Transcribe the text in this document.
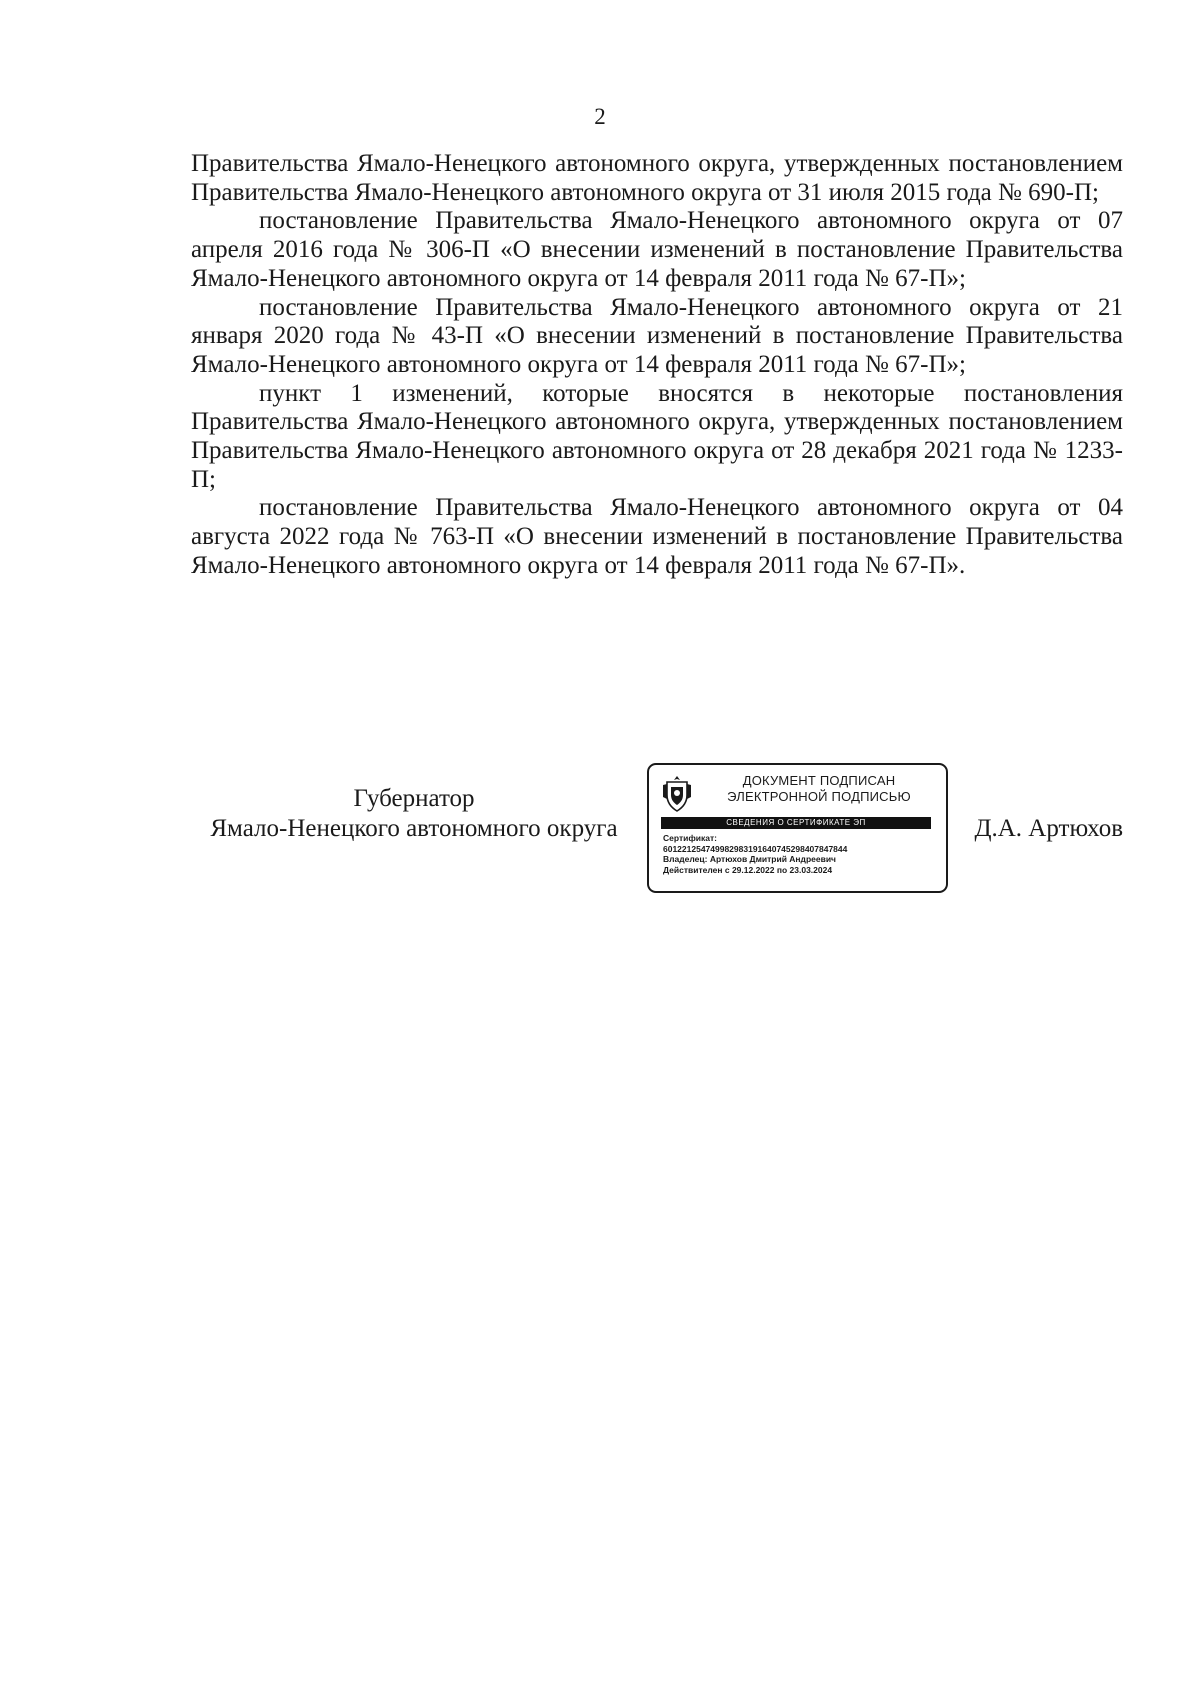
2

Правительства Ямало-Ненецкого автономного округа, утвержденных постановлением Правительства Ямало-Ненецкого автономного округа от 31 июля 2015 года № 690-П;

постановление Правительства Ямало-Ненецкого автономного округа от 07 апреля 2016 года № 306-П «О внесении изменений в постановление Правительства Ямало-Ненецкого автономного округа от 14 февраля 2011 года № 67-П»;

постановление Правительства Ямало-Ненецкого автономного округа от 21 января 2020 года № 43-П «О внесении изменений в постановление Правительства Ямало-Ненецкого автономного округа от 14 февраля 2011 года № 67-П»;

пункт 1 изменений, которые вносятся в некоторые постановления Правительства Ямало-Ненецкого автономного округа, утвержденных постановлением Правительства Ямало-Ненецкого автономного округа от 28 декабря 2021 года № 1233-П;

постановление Правительства Ямало-Ненецкого автономного округа от 04 августа 2022 года № 763-П «О внесении изменений в постановление Правительства Ямало-Ненецкого автономного округа от 14 февраля 2011 года № 67-П».

Губернатор
Ямало-Ненецкого автономного округа
ДОКУМЕНТ ПОДПИСАН
ЭЛЕКТРОННОЙ ПОДПИСЬЮ
СВЕДЕНИЯ О СЕРТИФИКАТЕ ЭП
Сертификат:
601221254749982983191640745298407847844
Владелец: Артюхов Дмитрий Андреевич
Действителен с 29.12.2022 по 23.03.2024
Д.А. Артюхов
